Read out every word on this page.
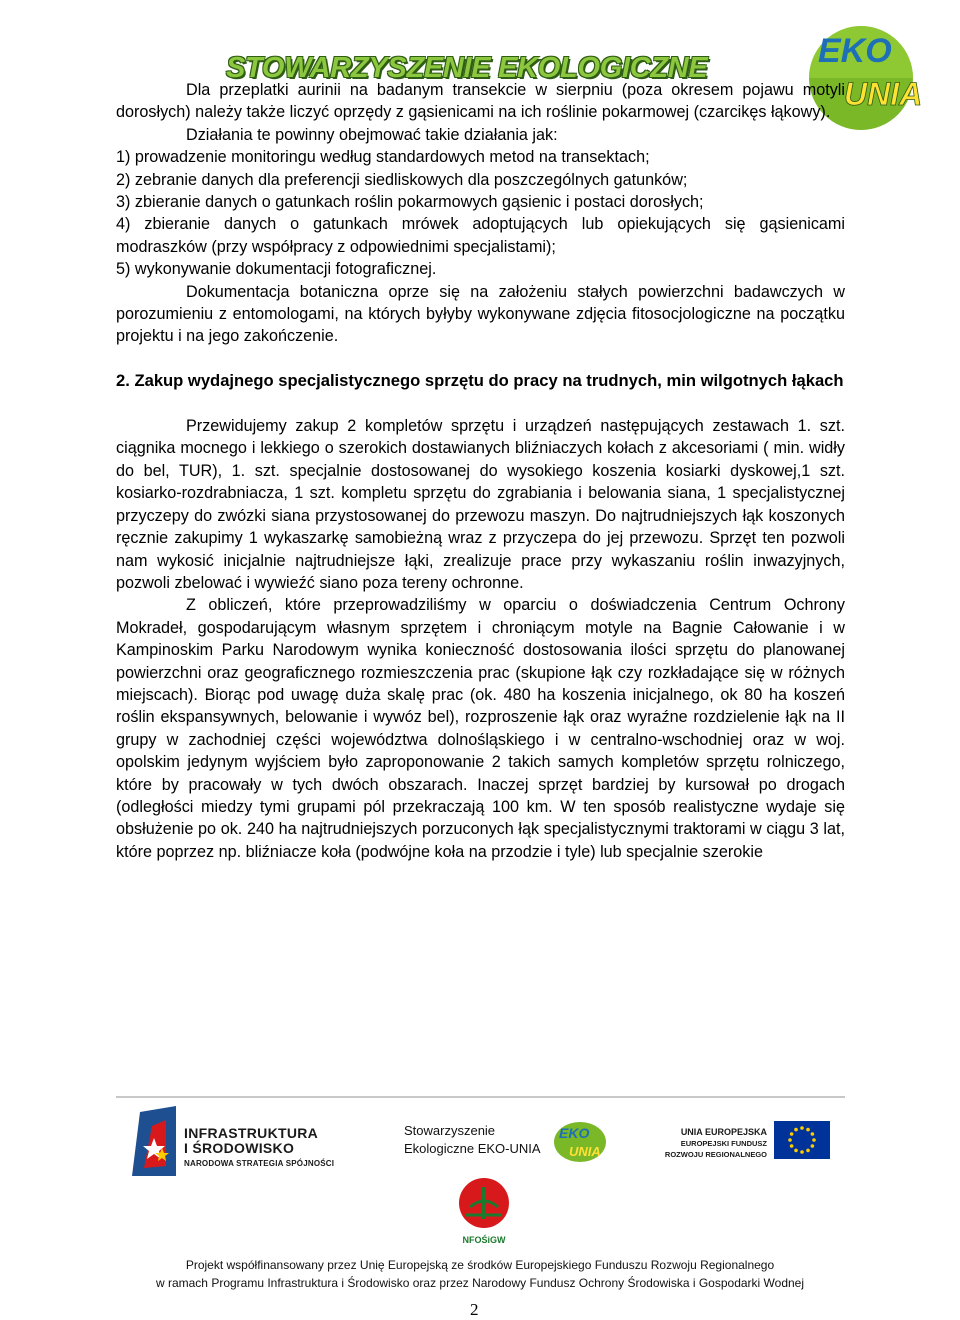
STOWARZYSZENIE EKOLOGICZNE	EKO
UNIA

Dla przeplatki aurinii na badanym transekcie w sierpniu (poza okresem pojawu motyli dorosłych) należy także liczyć oprzędy z gąsienicami na ich roślinie pokarmowej (czarcikęs łąkowy).

Działania te powinny obejmować takie działania jak:

1) prowadzenie monitoringu według standardowych metod na transektach;

2) zebranie danych dla preferencji siedliskowych dla poszczególnych gatunków;

3) zbieranie danych o gatunkach roślin pokarmowych gąsienic i postaci dorosłych;

4) zbieranie danych o gatunkach mrówek adoptujących lub opiekujących się gąsienicami modraszków (przy współpracy z odpowiednimi specjalistami);

5) wykonywanie dokumentacji fotograficznej.

Dokumentacja botaniczna oprze się na założeniu stałych powierzchni badawczych w porozumieniu z entomologami, na których byłyby wykonywane zdjęcia fitosocjologiczne na początku projektu i na jego zakończenie.

2. Zakup wydajnego specjalistycznego sprzętu do pracy na trudnych, min wilgotnych łąkach

Przewidujemy zakup 2 kompletów sprzętu i urządzeń następujących zestawach 1. szt. ciągnika mocnego i lekkiego o szerokich dostawianych bliźniaczych kołach z akcesoriami ( min. widły do bel, TUR), 1. szt. specjalnie dostosowanej do wysokiego koszenia kosiarki dyskowej,1 szt. kosiarko-rozdrabniacza, 1 szt. kompletu sprzętu do zgrabiania i belowania siana, 1 specjalistycznej przyczepy do zwózki siana przystosowanej do przewozu maszyn. Do najtrudniejszych łąk koszonych ręcznie zakupimy 1 wykaszarkę samobieżną wraz z przyczepa do jej przewozu. Sprzęt ten pozwoli nam wykosić inicjalnie najtrudniejsze łąki, zrealizuje prace przy wykaszaniu roślin inwazyjnych, pozwoli zbelować i wywieźć siano poza tereny ochronne.

Z obliczeń, które przeprowadziliśmy w oparciu o doświadczenia Centrum Ochrony Mokradeł, gospodarującym własnym sprzętem i chroniącym motyle na Bagnie Całowanie i w Kampinoskim Parku Narodowym wynika konieczność dostosowania ilości sprzętu do planowanej powierzchni oraz geograficznego rozmieszczenia prac (skupione łąk czy rozkładające się w różnych miejscach). Biorąc pod uwagę duża skalę prac (ok. 480 ha koszenia inicjalnego, ok 80 ha koszeń roślin ekspansywnych, belowanie i wywóz bel), rozproszenie łąk oraz wyraźne rozdzielenie łąk na II grupy w zachodniej części województwa dolnośląskiego i w centralno-wschodniej oraz w woj. opolskim jedynym wyjściem było zaproponowanie 2 takich samych kompletów sprzętu rolniczego, które by pracowały w tych dwóch obszarach. Inaczej sprzęt bardziej by kursował po drogach (odległości miedzy tymi grupami pól przekraczają 100 km. W ten sposób realistyczne wydaje się obsłużenie po ok. 240 ha najtrudniejszych porzuconych łąk specjalistycznymi traktorami w ciągu 3 lat, które poprzez np. bliźniacze koła (podwójne koła na przodzie i tyle) lub specjalnie szerokie

INFRASTRUKTURA
I ŚRODOWISKO
NARODOWA STRATEGIA SPÓJNOŚCI
Stowarzyszenie
Ekologiczne EKO-UNIA
EKO
UNIA
UNIA EUROPEJSKA
EUROPEJSKI FUNDUSZ
ROZWOJU REGIONALNEGO
NFOŚiGW
Projekt współfinansowany przez Unię Europejską ze środków Europejskiego Funduszu Rozwoju Regionalnego
w ramach Programu Infrastruktura i Środowisko oraz przez Narodowy Fundusz Ochrony Środowiska i Gospodarki Wodnej
2
